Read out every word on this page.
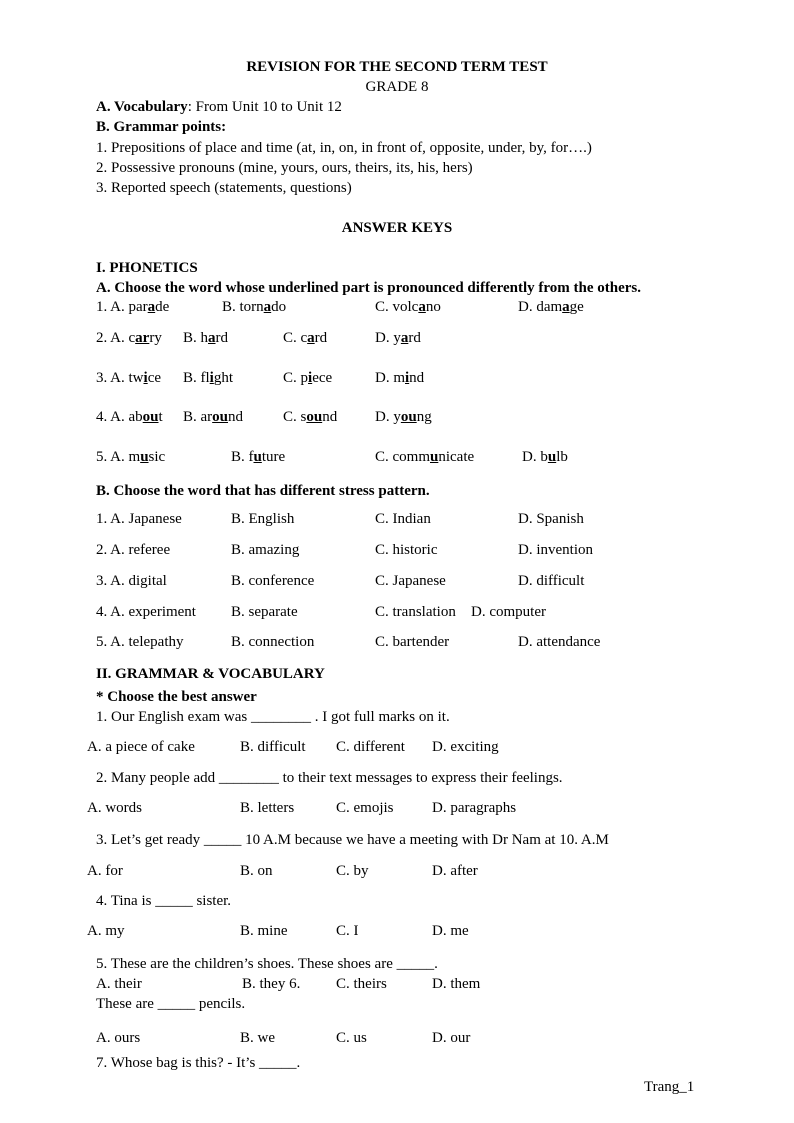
REVISION FOR THE SECOND TERM TEST
GRADE 8
A. Vocabulary: From Unit 10 to Unit 12
B. Grammar points:
1. Prepositions of place and time (at, in, on, in front of, opposite, under, by, for….)
2. Possessive pronouns (mine, yours, ours, theirs, its, his, hers)
3. Reported speech (statements, questions)
ANSWER KEYS
I. PHONETICS
A. Choose the word whose underlined part is pronounced differently from the others.
1. A. parade	B. tornado	C. volcano	D. damage
2. A. carry B. hard	C. card	D. yard
3. A. twice B. flight	C. piece	D. mind
4. A. about B. around	C. sound	D. young
5. A. music	B. future	C. communicate	D. bulb
B. Choose the word that has different stress pattern.
1. A. Japanese	B. English	C. Indian	D. Spanish
2. A. referee	B. amazing	C. historic	D. invention
3. A. digital	B. conference	C. Japanese	D. difficult
4. A. experiment B. separate	C. translation D. computer
5. A. telepathy	B. connection	C. bartender	D. attendance
II. GRAMMAR & VOCABULARY
* Choose the best answer
1. Our English exam was ________ . I got full marks on it.
A. a piece of cake	B. difficult C. different D. exciting
2. Many people add ________ to their text messages to express their feelings.
A. words	B. letters	C. emojis	D. paragraphs
3. Let’s get ready _____ 10 A.M because we have a meeting with Dr Nam at 10. A.M
A. for	B. on	C. by	D. after
4. Tina is _____ sister.
A. my	B. mine	C. I	D. me
5. These are the children’s shoes. These shoes are _____.
A. their	B. they 6. C. theirs	D. them
These are _____ pencils.
A. ours	B. we	C. us	D. our
7. Whose bag is this? - It’s _____.
Trang_1
